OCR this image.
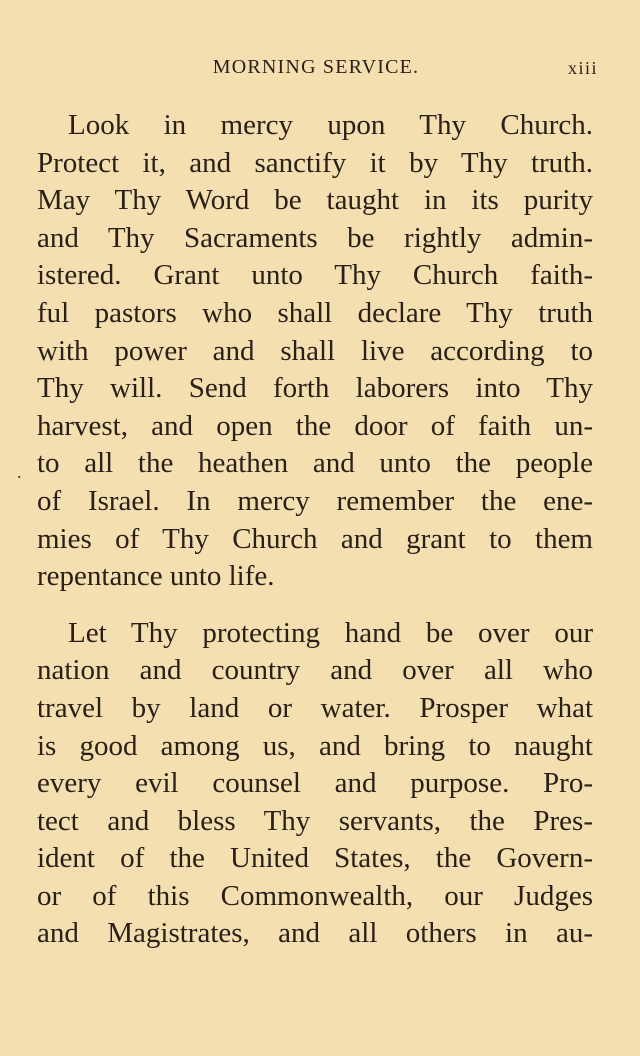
MORNING SERVICE.	xiii
.
Look in mercy upon Thy Church.
Protect it, and sanctify it by Thy truth.
May Thy Word be taught in its purity
and Thy Sacraments be rightly admin-
istered. Grant unto Thy Church faith-
ful pastors who shall declare Thy truth
with power and shall live according to
Thy will. Send forth laborers into Thy
harvest, and open the door of faith un-
to all the heathen and unto the people
of Israel. In mercy remember the ene-
mies of Thy Church and grant to them
repentance unto life.
Let Thy protecting hand be over our
nation and country and over all who
travel by land or water. Prosper what
is good among us, and bring to naught
every evil counsel and purpose. Pro-
tect and bless Thy servants, the Pres-
ident of the United States, the Govern-
or of this Commonwealth, our Judges
and Magistrates, and all others in au-
